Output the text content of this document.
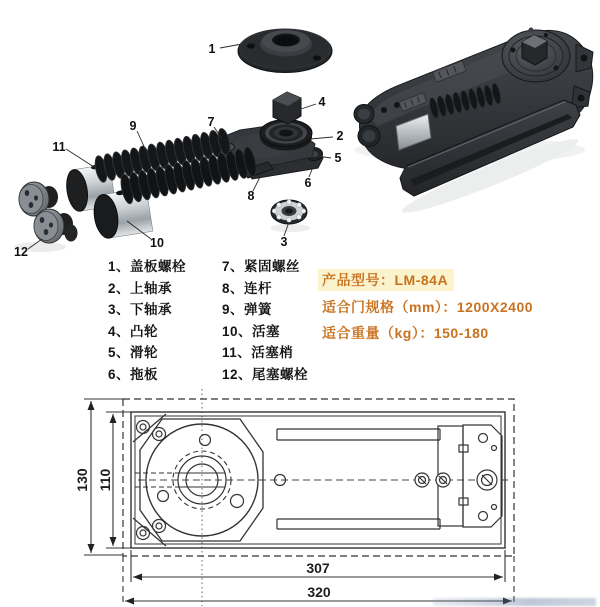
1
2
3
4
5
6
7
8
9
10
11
12
1、盖板螺栓
2、上轴承
3、下轴承
4、凸轮
5、滑轮
6、拖板
7、紧固螺丝
8、连杆
9、弹簧
10、活塞
11、活塞梢
12、尾塞螺栓
产品型号：LM-84A
适合门规格（mm）：1200X2400
适合重量（kg）：150-180
130 110
307
320
